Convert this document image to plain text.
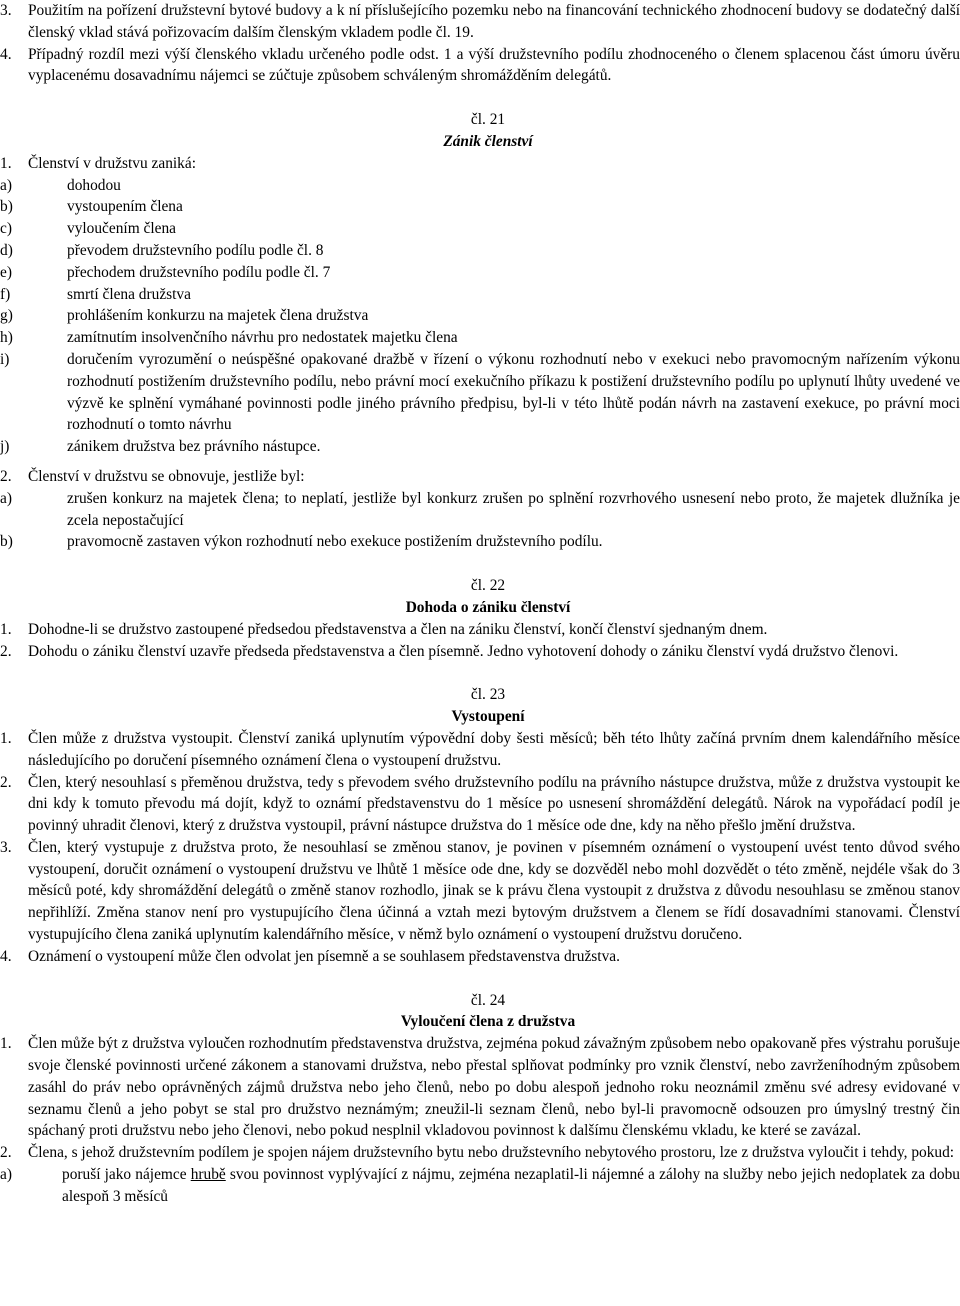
3. Použitím na pořízení družstevní bytové budovy a k ní příslušejícího pozemku nebo na financování technického zhodnocení budovy se dodatečný další členský vklad stává pořizovacím dalším členským vkladem podle čl. 19.

4. Případný rozdíl mezi výší členského vkladu určeného podle odst. 1 a výší družstevního podílu zhodnoceného o členem splacenou část úmoru úvěru vyplacenému dosavadnímu nájemci se zúčtuje způsobem schváleným shromážděním delegátů.

čl. 21

Zánik členství

1. Členství v družstvu zaniká:

a)	dohodou

b)	vystoupením člena

c)	vyloučením člena

d)	převodem družstevního podílu podle čl. 8

e)	přechodem družstevního podílu podle čl. 7

f)	smrtí člena družstva

g)	prohlášením konkurzu na majetek člena družstva

h)	zamítnutím insolvenčního návrhu pro nedostatek majetku člena

i)	doručením vyrozumění o neúspěšné opakované dražbě v řízení o výkonu rozhodnutí nebo v exekuci nebo pravomocným nařízením výkonu rozhodnutí postižením družstevního podílu, nebo právní mocí exekučního příkazu k postižení družstevního podílu po uplynutí lhůty uvedené ve výzvě ke splnění vymáhané povinnosti podle jiného právního předpisu, byl-li v této lhůtě podán návrh na zastavení exekuce, po právní moci rozhodnutí o tomto návrhu

j)	zánikem družstva bez právního nástupce.

2. Členství v družstvu se obnovuje, jestliže byl:

a)	zrušen konkurz na majetek člena; to neplatí, jestliže byl konkurz zrušen po splnění rozvrhového usnesení nebo proto, že majetek dlužníka je zcela nepostačující

b)	pravomocně zastaven výkon rozhodnutí nebo exekuce postižením družstevního podílu.

čl. 22

Dohoda o zániku členství

1. Dohodne-li se družstvo zastoupené předsedou představenstva a člen na zániku členství, končí členství sjednaným dnem.

2. Dohodu o zániku členství uzavře předseda představenstva a člen písemně. Jedno vyhotovení dohody o zániku členství vydá družstvo členovi.

čl. 23

Vystoupení

1. Člen může z družstva vystoupit. Členství zaniká uplynutím výpovědní doby šesti měsíců; běh této lhůty začíná prvním dnem kalendářního měsíce následujícího po doručení písemného oznámení člena o vystoupení družstvu.

2. Člen, který nesouhlasí s přeměnou družstva, tedy s převodem svého družstevního podílu na právního nástupce družstva, může z družstva vystoupit ke dni kdy k tomuto převodu má dojít, když to oznámí představenstvu do 1 měsíce po usnesení shromáždění delegátů. Nárok na vypořádací podíl je povinný uhradit členovi, který z družstva vystoupil, právní nástupce družstva do 1 měsíce ode dne, kdy na něho přešlo jmění družstva.

3. Člen, který vystupuje z družstva proto, že nesouhlasí se změnou stanov, je povinen v písemném oznámení o vystoupení uvést tento důvod svého vystoupení, doručit oznámení o vystoupení družstvu ve lhůtě 1 měsíce ode dne, kdy se dozvěděl nebo mohl dozvědět o této změně, nejdéle však do 3 měsíců poté, kdy shromáždění delegátů o změně stanov rozhodlo, jinak se k právu člena vystoupit z družstva z důvodu nesouhlasu se změnou stanov nepřihlíží. Změna stanov není pro vystupujícího člena účinná a vztah mezi bytovým družstvem a členem se řídí dosavadními stanovami. Členství vystupujícího člena zaniká uplynutím kalendářního měsíce, v němž bylo oznámení o vystoupení družstvu doručeno.

4. Oznámení o vystoupení může člen odvolat jen písemně a se souhlasem představenstva družstva.

čl. 24

Vyloučení člena z družstva

1. Člen může být z družstva vyloučen rozhodnutím představenstva družstva, zejména pokud závažným způsobem nebo opakovaně přes výstrahu porušuje svoje členské povinnosti určené zákonem a stanovami družstva, nebo přestal splňovat podmínky pro vznik členství, nebo zavrženíhodným způsobem zasáhl do práv nebo oprávněných zájmů družstva nebo jeho členů, nebo po dobu alespoň jednoho roku neoznámil změnu své adresy evidované v seznamu členů a jeho pobyt se stal pro družstvo neznámým; zneužil-li seznam členů, nebo byl-li pravomocně odsouzen pro úmyslný trestný čin spáchaný proti družstvu nebo jeho členovi, nebo pokud nesplnil vkladovou povinnost k dalšímu členskému vkladu, ke které se zavázal.

2. Člena, s jehož družstevním podílem je spojen nájem družstevního bytu nebo družstevního nebytového prostoru, lze z družstva vyloučit i tehdy, pokud:

a)	poruší jako nájemce hrubě svou povinnost vyplývající z nájmu, zejména nezaplatil-li nájemné a zálohy na služby nebo jejich nedoplatek za dobu alespoň 3 měsíců
